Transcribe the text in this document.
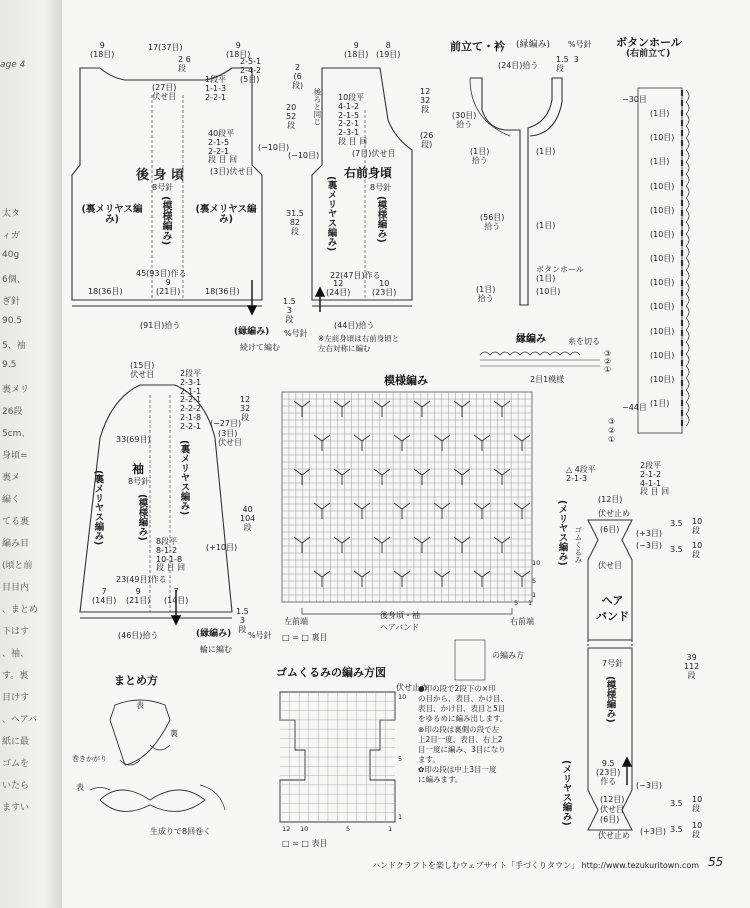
age 4
太タ
ィガ
40g
6個、
ぎ針
90.5
5、袖
9.5
裏メリ
26段
5cm、
身頃=
裏メ
編く
てる裏
編み目
(頃と前
目目内
、まとめ
下はす
、袖、
す。裏
目けす
、ヘアバ
紙に最
ゴムを
いたら
ますい
9
(18目)
17(37目)	9
(18目)
2 6
段
(27目)
伏せ目
1段平
1-1-3
2-2-1
2-5-1
2-4-2
(5目)
40段平
2-1-5
2-2-1
段 目 回
(3目)伏せ目
(−10目)
後 身 頃
8号針
(裏メリヤス編み)	(模様編み)	(裏メリヤス編み)
45(93目)作る
18(36目)
9
(21目)	18(36目)
(91目)拾う
(縁編み) %号針
続けて編む
2
(6
段)
20
52
段
31.5
82
段
1.5
3
段
9
(18目)
8
(19目)
後ろと同じ 10段平
4-1-2
2-1-5
2-2-1
2-3-1
段 目 回
(7目)伏せ目
(−10目)
右前身頃
8号針
(裏メリヤス編み)	(模様編み)
12
32
段
(26
段)
22(47目)作る
12
(24目)
10
(23目)
(44目)拾う
※左前身頃は右前身頃と
左右対称に編む
前立て・衿 (縁編み) %号針
(24目)拾う
1.5  3
段
(30目)
拾う
(1目)
拾う
(56目)
拾う
(1目)
拾う
(1目)
(1目)
ボタンホール
(1目)
(10目)
縁編み	糸を切る
2目1模様
③
②
①
ボタンホール
(右前立て)
−30目
(1目)
(10目)
(1目)
(10目)
(10目)
(10目)
(10目)
(10目)
(10目)
(10目)
(10目)
(10目)
(1目)
−44目
③
②
①
(15目)
伏せ目	2段平
2-3-1
2-1-1
2-2-1
2-2-2
2-1-8
2-2-1 (−27目)
(3目)
伏せ目
33(69目)
袖
8号針
(裏メリヤス編み)	(模様編み)
(裏メリヤス編み)
8段平
8-1-2
10-1-8
段 目 回
(+10目)
23(49目)作る
7
(14目)
9
(21目)
7
(14目)
(46目)拾う	(縁編み) %号針
輪に編む
12
32
段
40
104
段
1.5
3
段
模様編み
左前端
後身頃・袖
ヘアバンド
右前端
□ = □ 裏目
5 1
10
5
1
ゴムくるみの編み方図
伏せ止め
10
5
1
12 10	5	1
□ = □ 表目
の編み方
●印の段で2段下の×印
の目から、表目、かけ目、
表目、かけ目、表目と5目
をゆるめに編み出します。
⊗印の段は裏側の段で左
上2目一度、表目、右上2
目一度に編み、3目になり
ます。
✿印の段は中上3目一度
に編みます。
△ 4段平
2-1-3
2段平
2-1-2
4-1-1
段 目 回
(12目)
伏せ止め
(6目) (+3目)
(−3目)
ゴムくるみ
伏せ目
(メリヤス編み)
ヘア
バンド
7号針
(模様編み)
39
112
段
3.5 10
段
3.5 10
段
9.5
(23目)
作る	(−3目)
(12目)
伏せ目
(6目)
伏せ止め (+3目)
3.5 10
段
3.5 10
段
(メリヤス編み)
まとめ方
表
裏
巻きかがり
表
生成りで8回巻く
ハンドクラフトを楽しむウェブサイト「手づくりタウン」 http://www.tezukuritown.com 55
